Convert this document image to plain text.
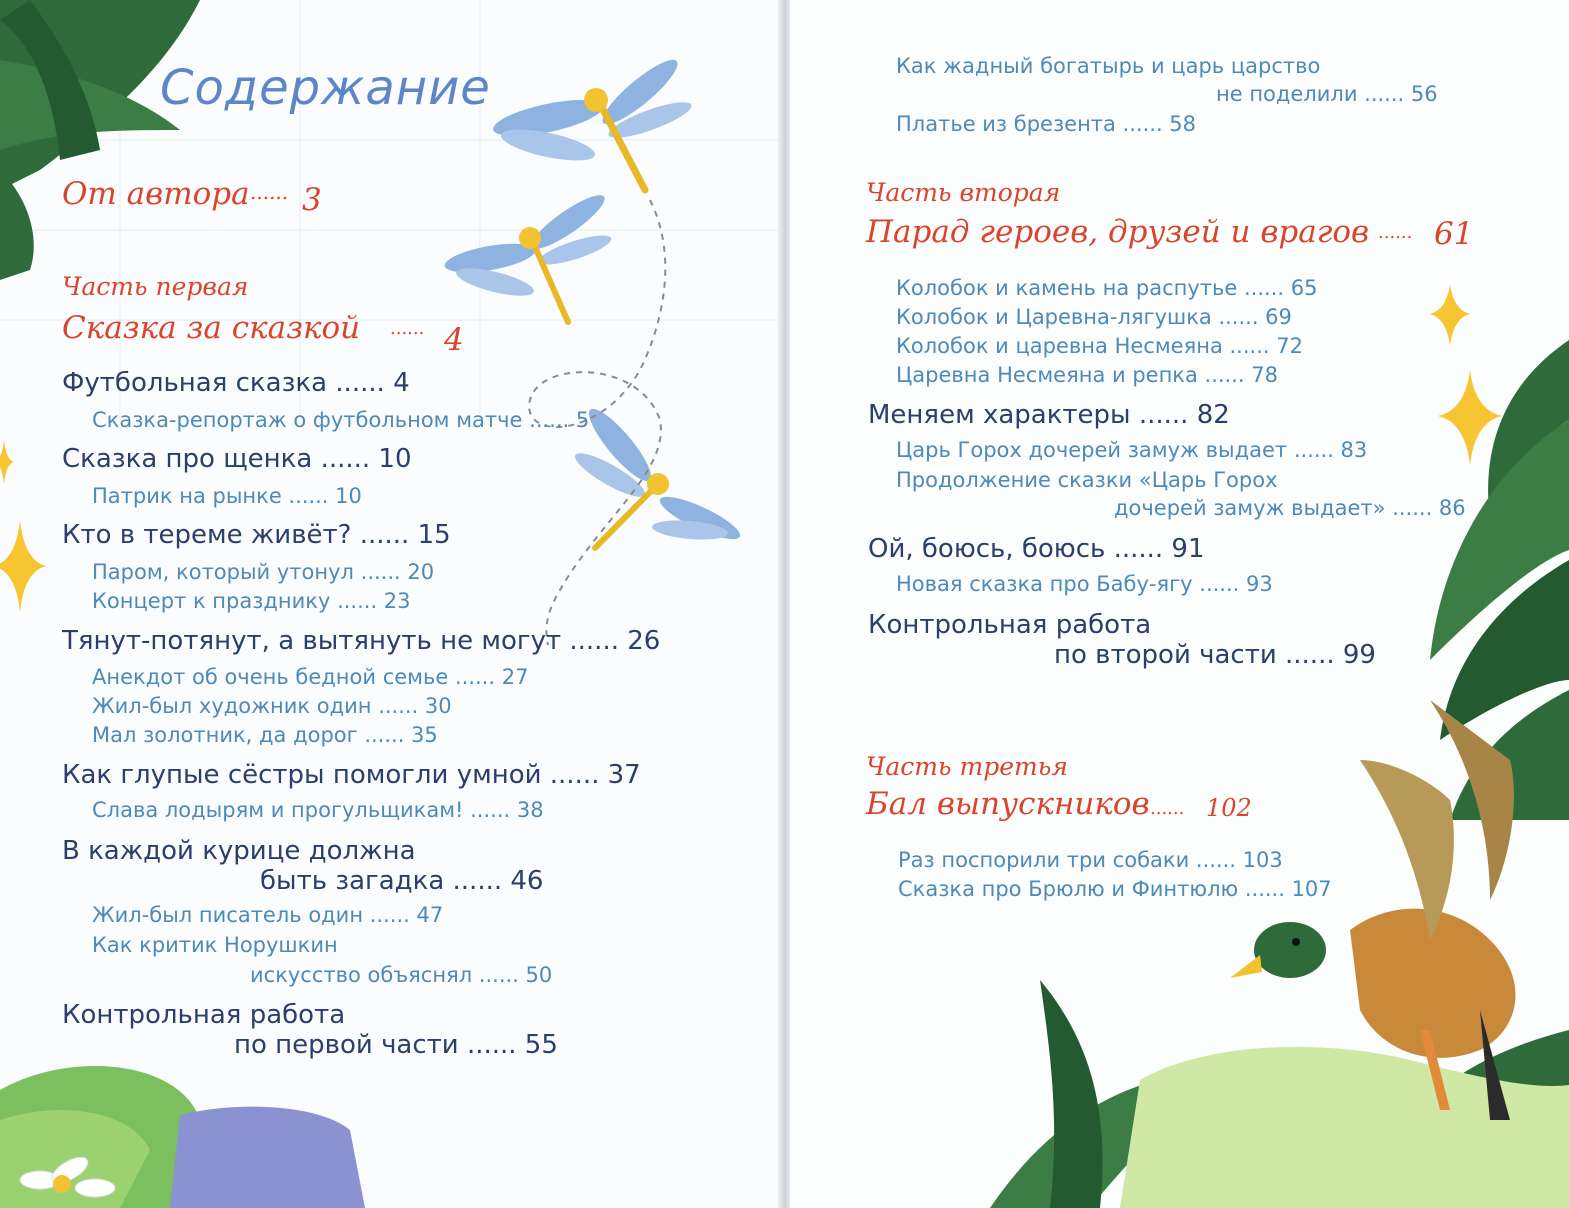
Содержание
От автора ...... 3
Часть первая
Сказка за сказкой ...... 4
Футбольная сказка ...... 4
Сказка-репортаж о футбольном матче ...... 5
Сказка про щенка ...... 10
Патрик на рынке ...... 10
Кто в тереме живёт? ...... 15
Паром, который утонул ...... 20
Концерт к празднику ...... 23
Тянут-потянут, а вытянуть не могут ...... 26
Анекдот об очень бедной семье ...... 27
Жил-был художник один ...... 30
Мал золотник, да дорог ...... 35
Как глупые сёстры помогли умной ...... 37
Слава лодырям и прогульщикам! ...... 38
В каждой курице должна
быть загадка ...... 46
Жил-был писатель один ...... 47
Как критик Норушкин
искусство объяснял ...... 50
Контрольная работа
по первой части ...... 55
Как жадный богатырь и царь царство
не поделили ...... 56
Платье из брезента ...... 58
Часть вторая
Парад героев, друзей и врагов ...... 61
Колобок и камень на распутье ...... 65
Колобок и Царевна-лягушка ...... 69
Колобок и царевна Несмеяна ...... 72
Царевна Несмеяна и репка ...... 78
Меняем характеры ...... 82
Царь Горох дочерей замуж выдает ...... 83
Продолжение сказки «Царь Горох
дочерей замуж выдает» ...... 86
Ой, боюсь, боюсь ...... 91
Новая сказка про Бабу-ягу ...... 93
Контрольная работа
по второй части ...... 99
Часть третья
Бал выпускников ...... 102
Раз поспорили три собаки ...... 103
Сказка про Брюлю и Финтюлю ...... 107
